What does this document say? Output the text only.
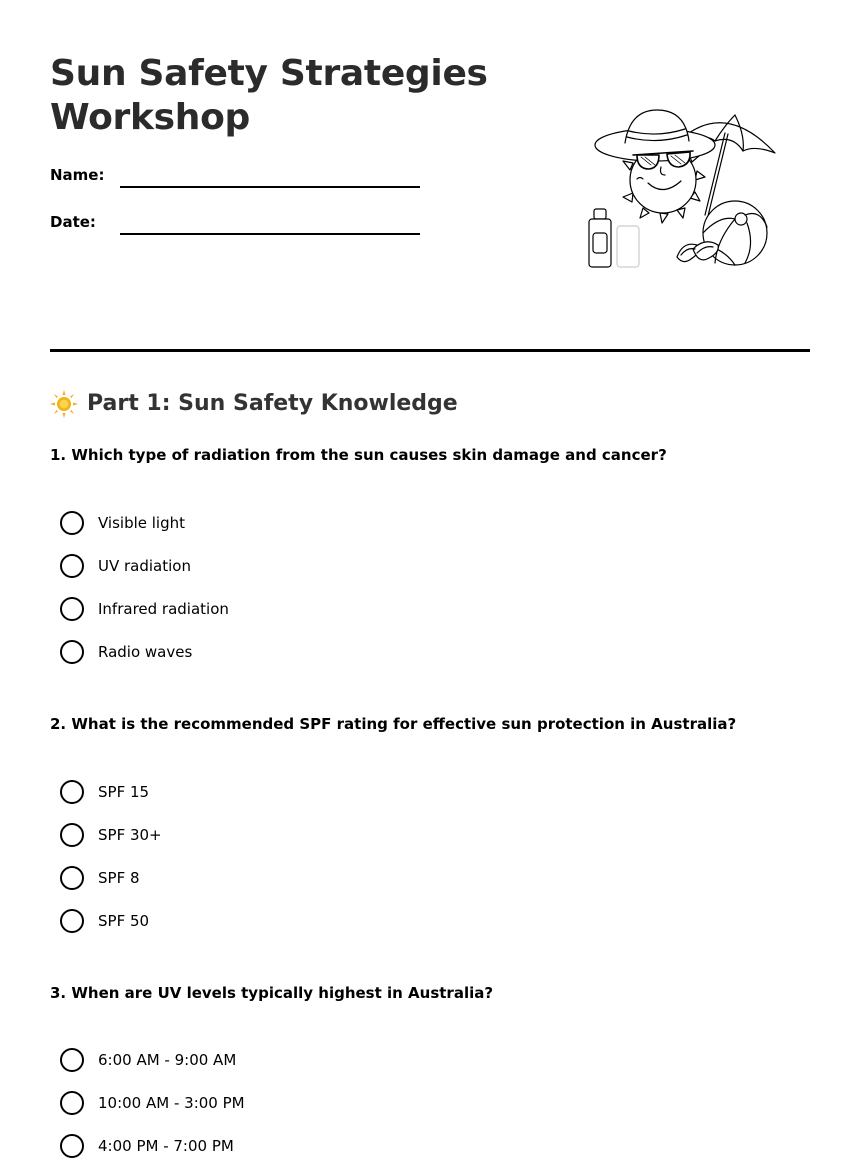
Sun Safety Strategies
Workshop
Name:
Date:
Part 1: Sun Safety Knowledge

1. Which type of radiation from the sun causes skin damage and cancer?

Visible light
UV radiation
Infrared radiation
Radio waves

2. What is the recommended SPF rating for effective sun protection in Australia?

SPF 15
SPF 30+
SPF 8
SPF 50

3. When are UV levels typically highest in Australia?

6:00 AM - 9:00 AM
10:00 AM - 3:00 PM
4:00 PM - 7:00 PM
